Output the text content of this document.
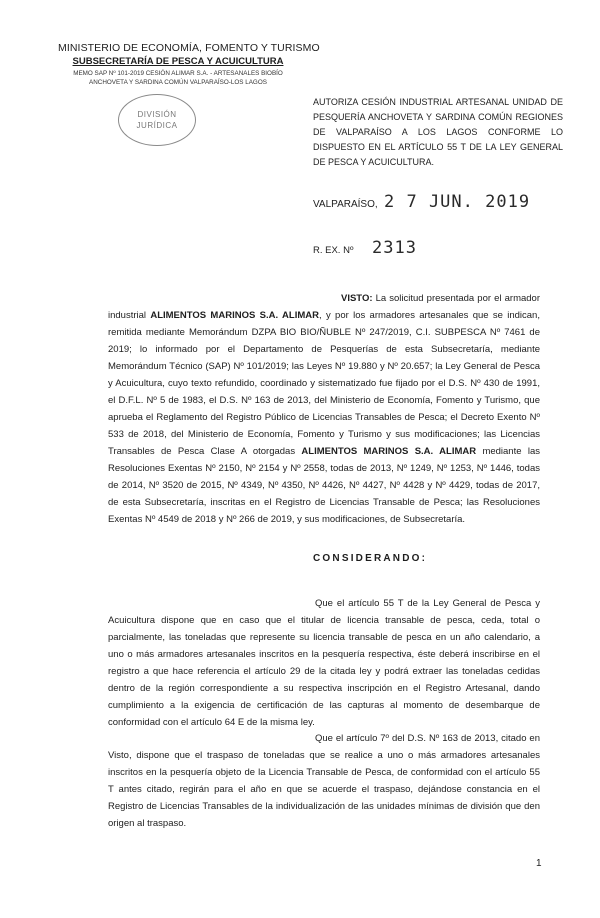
MINISTERIO DE ECONOMÍA, FOMENTO Y TURISMO
SUBSECRETARÍA DE PESCA Y ACUICULTURA
MEMO SAP Nº 101-2019 CESIÓN ALIMAR S.A. - ARTESANALES BIOBÍO
ANCHOVETA Y SARDINA COMÚN VALPARAÍSO-LOS LAGOS
DIVISIÓN
JURÍDICA
AUTORIZA CESIÓN INDUSTRIAL ARTESANAL UNIDAD DE PESQUERÍA ANCHOVETA Y SARDINA COMÚN REGIONES DE VALPARAÍSO A LOS LAGOS CONFORME LO DISPUESTO EN EL ARTÍCULO 55 T DE LA LEY GENERAL DE PESCA Y ACUICULTURA.
VALPARAÍSO, 2 7 JUN. 2019
R. EX. Nº 2313
VISTO: La solicitud presentada por el armador industrial ALIMENTOS MARINOS S.A. ALIMAR, y por los armadores artesanales que se indican, remitida mediante Memorándum DZPA BIO BIO/ÑUBLE Nº 247/2019, C.I. SUBPESCA Nº 7461 de 2019; lo informado por el Departamento de Pesquerías de esta Subsecretaría, mediante Memorándum Técnico (SAP) Nº 101/2019; las Leyes Nº 19.880 y Nº 20.657; la Ley General de Pesca y Acuicultura, cuyo texto refundido, coordinado y sistematizado fue fijado por el D.S. Nº 430 de 1991, el D.F.L. Nº 5 de 1983, el D.S. Nº 163 de 2013, del Ministerio de Economía, Fomento y Turismo, que aprueba el Reglamento del Registro Público de Licencias Transables de Pesca; el Decreto Exento Nº 533 de 2018, del Ministerio de Economía, Fomento y Turismo y sus modificaciones; las Licencias Transables de Pesca Clase A otorgadas ALIMENTOS MARINOS S.A. ALIMAR mediante las Resoluciones Exentas Nº 2150, Nº 2154 y Nº 2558, todas de 2013, Nº 1249, Nº 1253, Nº 1446, todas de 2014, Nº 3520 de 2015, Nº 4349, Nº 4350, Nº 4426, Nº 4427, Nº 4428 y Nº 4429, todas de 2017, de esta Subsecretaría, inscritas en el Registro de Licencias Transable de Pesca; las Resoluciones Exentas Nº 4549 de 2018 y Nº 266 de 2019, y sus modificaciones, de Subsecretaría.
CONSIDERANDO:
Que el artículo 55 T de la Ley General de Pesca y Acuicultura dispone que en caso que el titular de licencia transable de pesca, ceda, total o parcialmente, las toneladas que represente su licencia transable de pesca en un año calendario, a uno o más armadores artesanales inscritos en la pesquería respectiva, éste deberá inscribirse en el registro a que hace referencia el artículo 29 de la citada ley y podrá extraer las toneladas cedidas dentro de la región correspondiente a su respectiva inscripción en el Registro Artesanal, dando cumplimiento a la exigencia de certificación de las capturas al momento de desembarque de conformidad con el artículo 64 E de la misma ley.
Que el artículo 7º del D.S. Nº 163 de 2013, citado en Visto, dispone que el traspaso de toneladas que se realice a uno o más armadores artesanales inscritos en la pesquería objeto de la Licencia Transable de Pesca, de conformidad con el artículo 55 T antes citado, regirán para el año en que se acuerde el traspaso, dejándose constancia en el Registro de Licencias Transables de la individualización de las unidades mínimas de división que den origen al traspaso.
1
